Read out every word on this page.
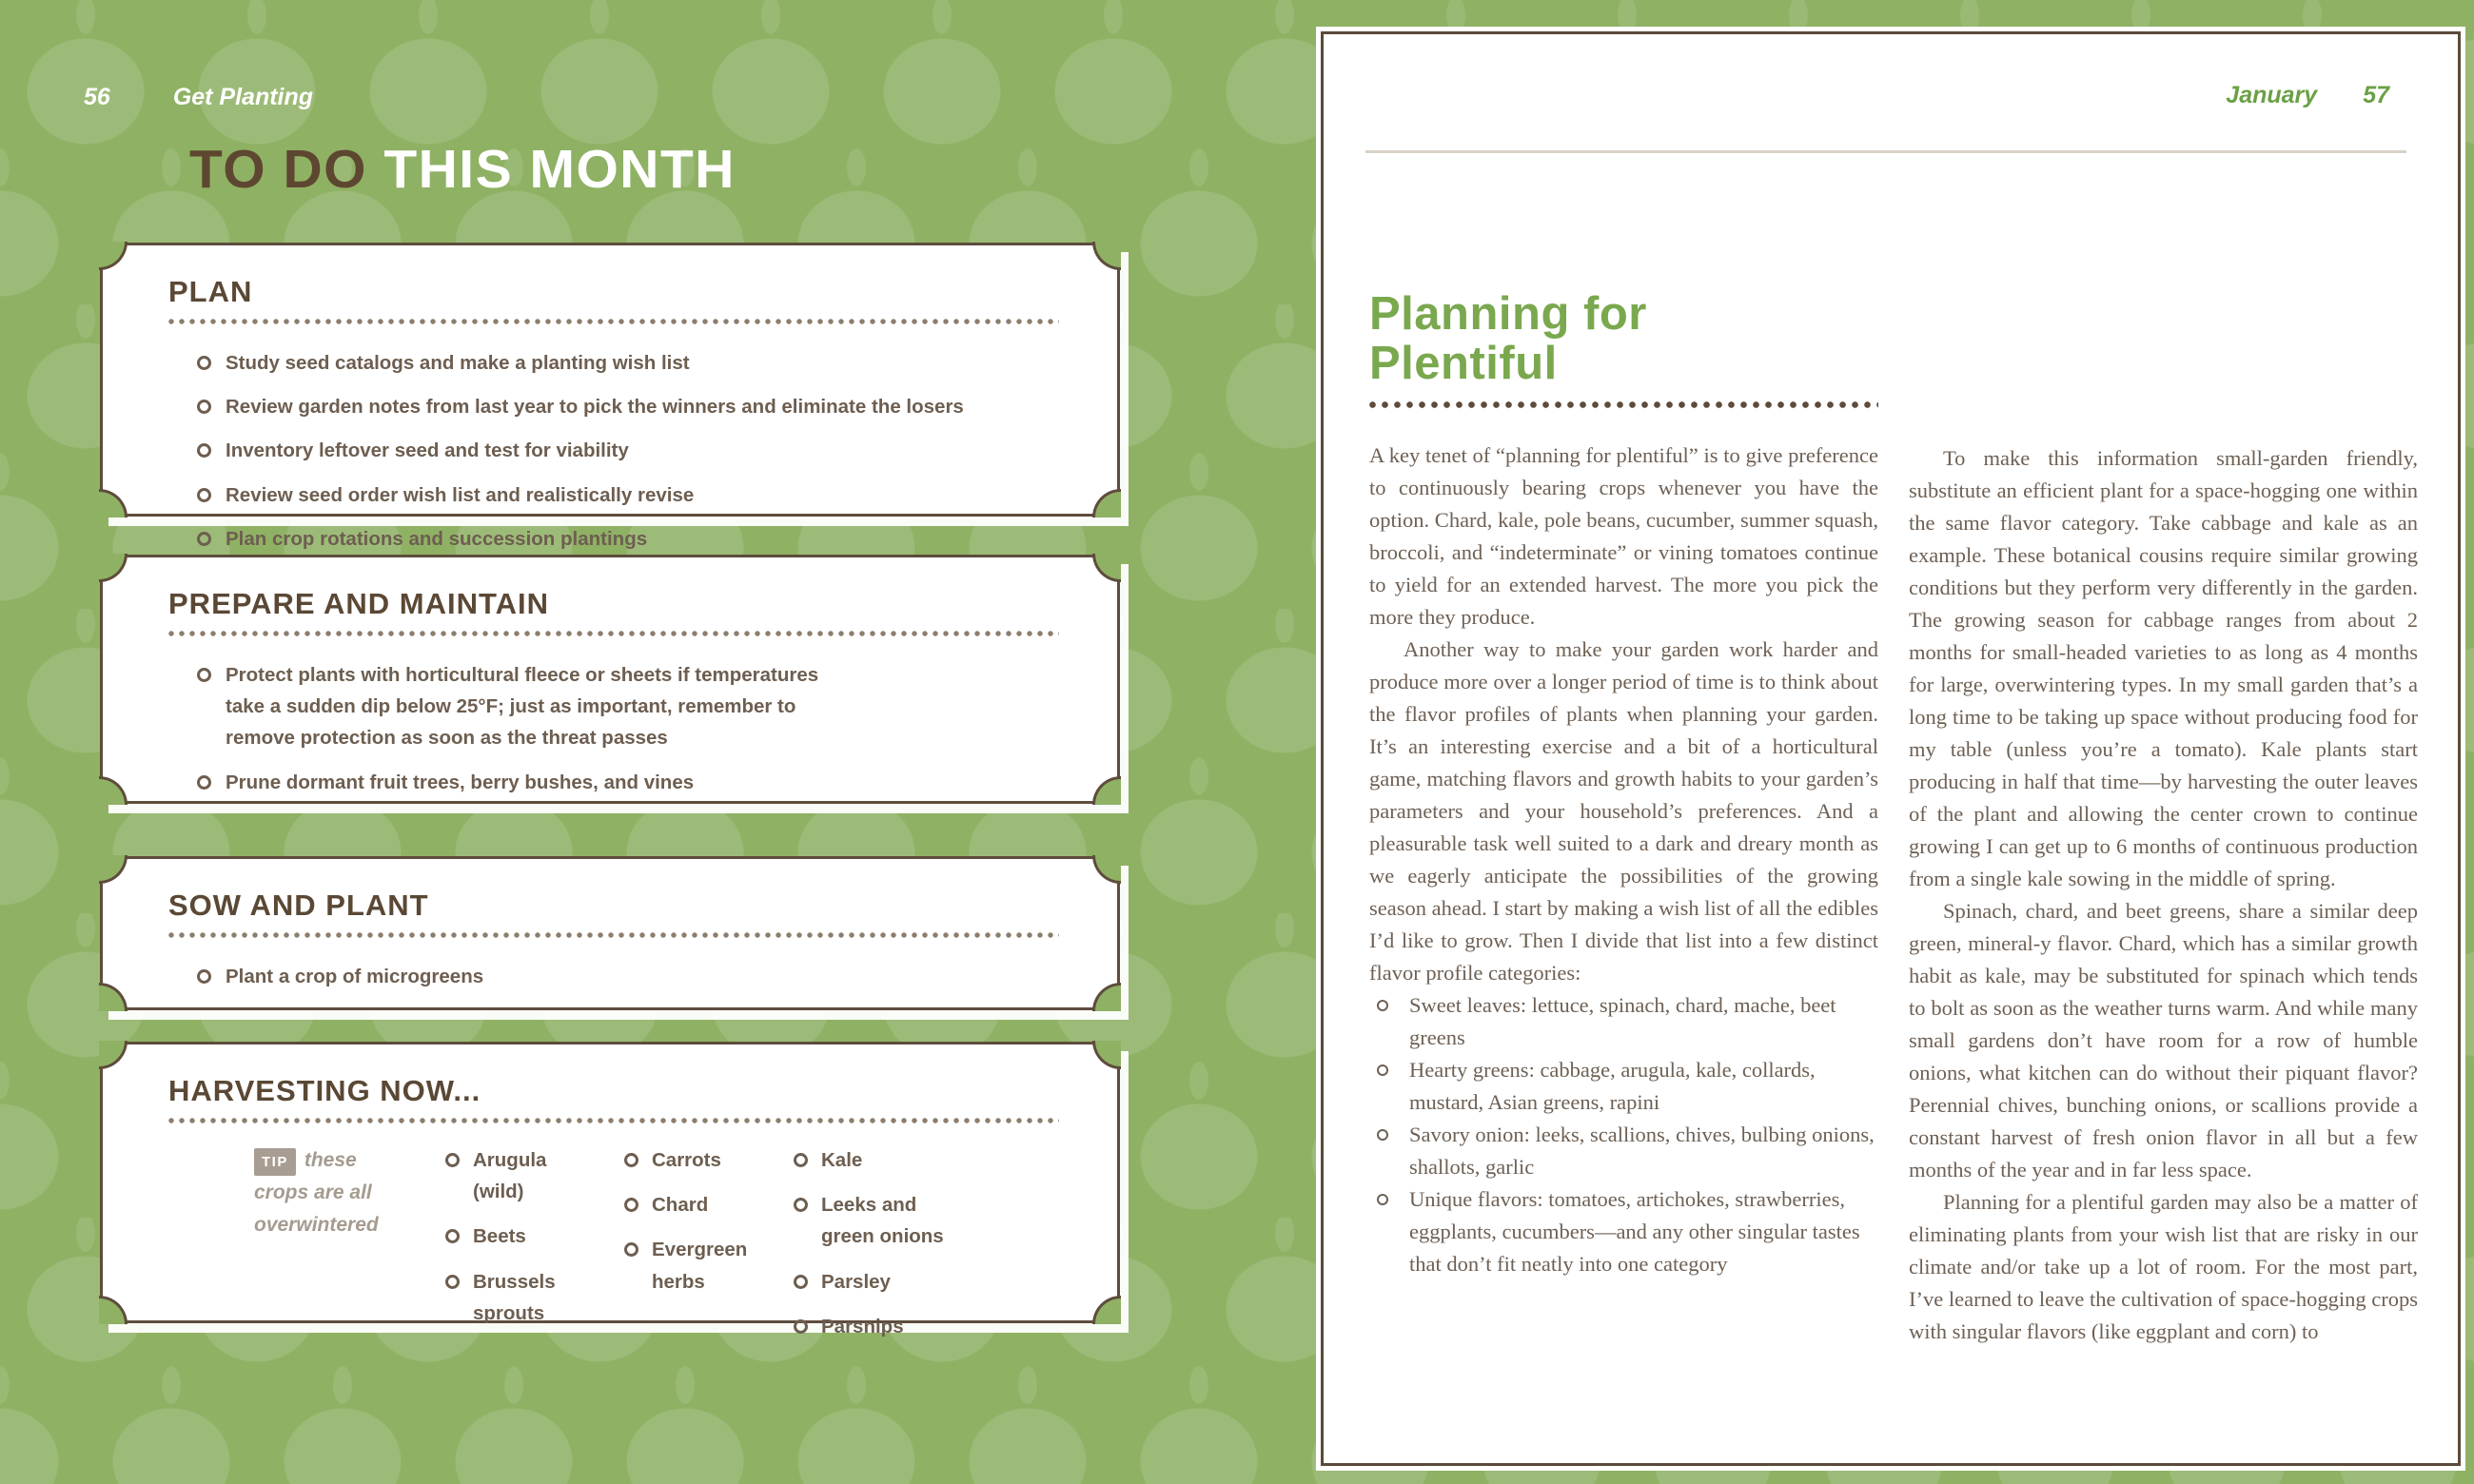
56	Get Planting
TO DO THIS MONTH
PLAN
Study seed catalogs and make a planting wish list
Review garden notes from last year to pick the winners and eliminate the losers
Inventory leftover seed and test for viability
Review seed order wish list and realistically revise
Plan crop rotations and succession plantings
PREPARE AND MAINTAIN
Protect plants with horticultural fleece or sheets if temperatures take a sudden dip below 25°F; just as important, remember to remove protection as soon as the threat passes
Prune dormant fruit trees, berry bushes, and vines
SOW AND PLANT
Plant a crop of microgreens
HARVESTING NOW...
TIP these crops are all overwintered
Arugula (wild)
Beets
Brussels sprouts
Carrots
Chard
Evergreen herbs
Kale
Leeks and green onions
Parsley
Parsnips
January 57
Planning for Plentiful

A key tenet of “planning for plentiful” is to give preference to continuously bearing crops whenever you have the option. Chard, kale, pole beans, cucumber, summer squash, broccoli, and “indeterminate” or vining tomatoes continue to yield for an extended harvest. The more you pick the more they produce.

Another way to make your garden work harder and produce more over a longer period of time is to think about the flavor profiles of plants when planning your garden. It’s an interesting exercise and a bit of a horticultural game, matching flavors and growth habits to your garden’s parameters and your household’s preferences. And a pleasurable task well suited to a dark and dreary month as we eagerly anticipate the possibilities of the growing season ahead. I start by making a wish list of all the edibles I’d like to grow. Then I divide that list into a few distinct flavor profile categories:

Sweet leaves: lettuce, spinach, chard, mache, beet greens
Hearty greens: cabbage, arugula, kale, collards, mustard, Asian greens, rapini
Savory onion: leeks, scallions, chives, bulbing onions, shallots, garlic
Unique flavors: tomatoes, artichokes, strawberries, eggplants, cucumbers—and any other singular tastes that don’t fit neatly into one category

To make this information small-garden friendly, substitute an efficient plant for a space-hogging one within the same flavor category. Take cabbage and kale as an example. These botanical cousins require similar growing conditions but they perform very differently in the garden. The growing season for cabbage ranges from about 2 months for small-headed varieties to as long as 4 months for large, overwintering types. In my small garden that’s a long time to be taking up space without producing food for my table (unless you’re a tomato). Kale plants start producing in half that time—by harvesting the outer leaves of the plant and allowing the center crown to continue growing I can get up to 6 months of continuous production from a single kale sowing in the middle of spring.

Spinach, chard, and beet greens, share a similar deep green, mineral-y flavor. Chard, which has a similar growth habit as kale, may be substituted for spinach which tends to bolt as soon as the weather turns warm. And while many small gardens don’t have room for a row of humble onions, what kitchen can do without their piquant flavor? Perennial chives, bunching onions, or scallions provide a constant harvest of fresh onion flavor in all but a few months of the year and in far less space.

Planning for a plentiful garden may also be a matter of eliminating plants from your wish list that are risky in our climate and/or take up a lot of room. For the most part, I’ve learned to leave the cultivation of space-hogging crops with singular flavors (like eggplant and corn) to
